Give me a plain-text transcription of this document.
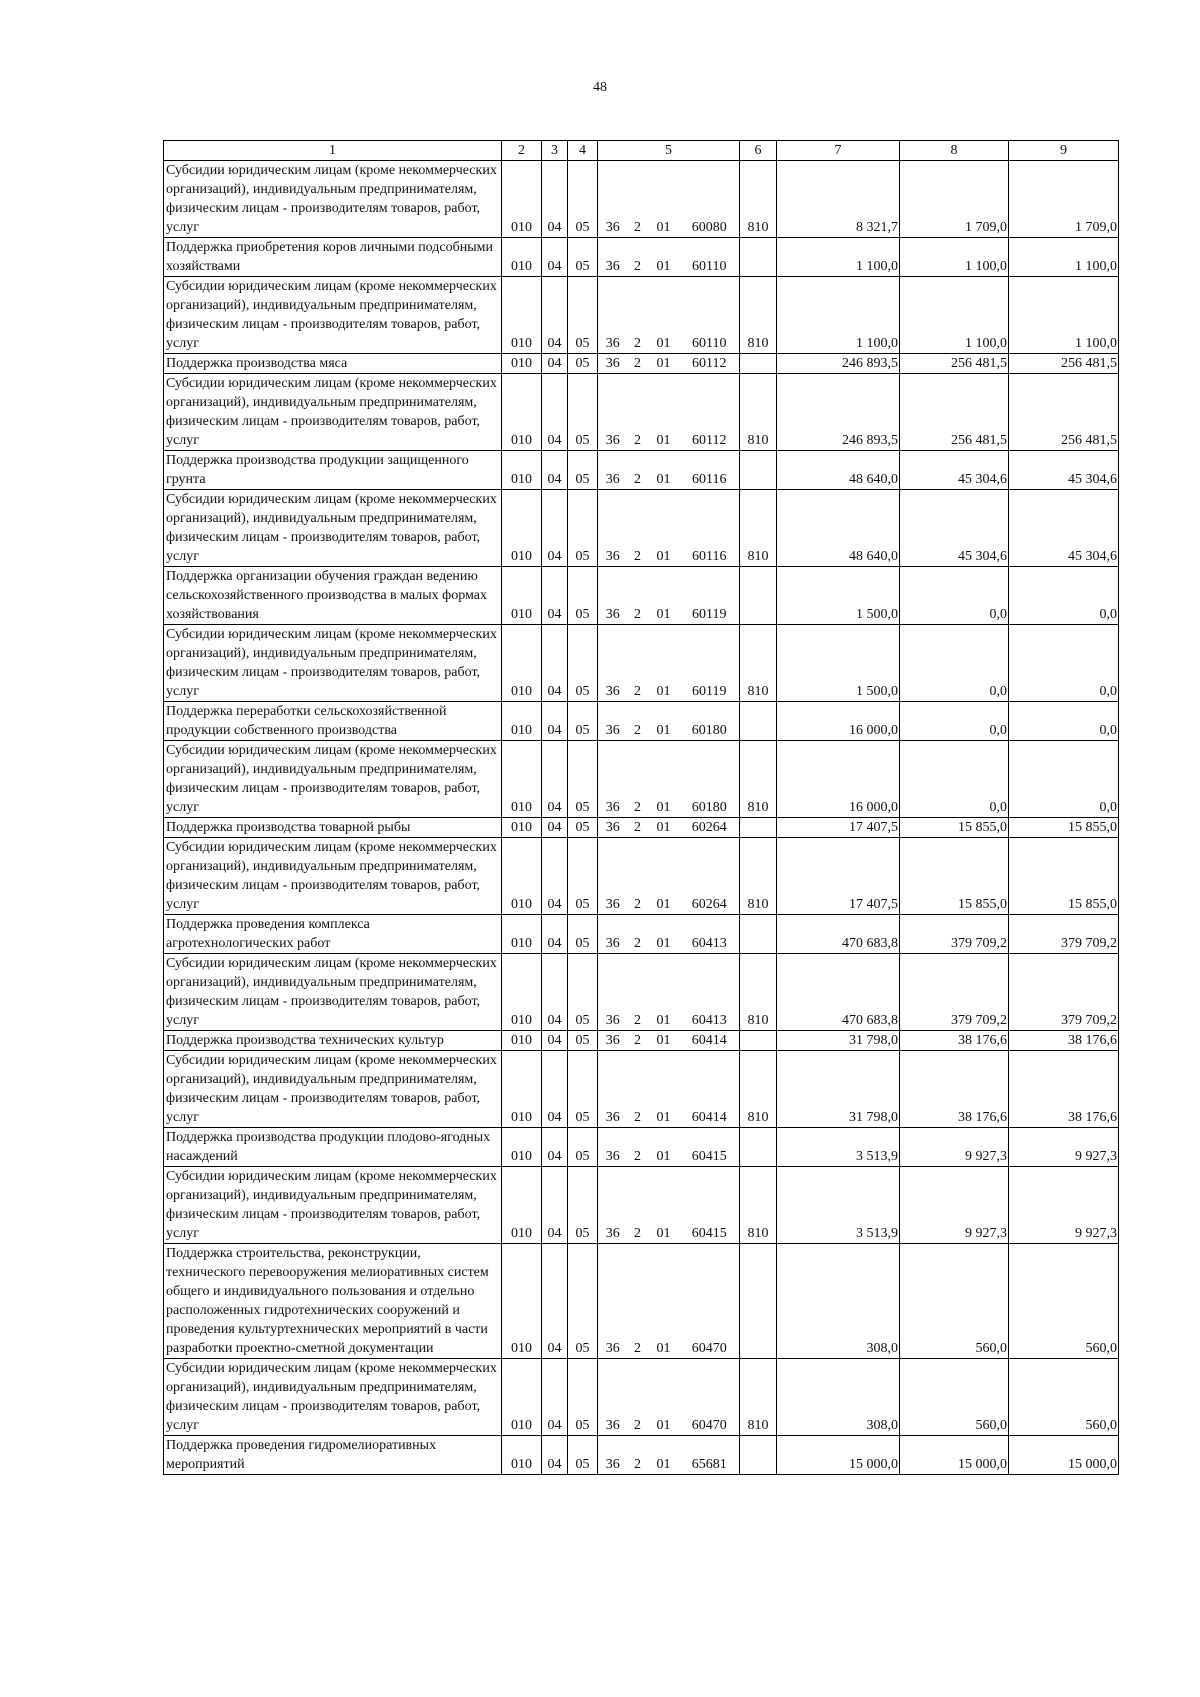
48
1	2	3	4	5				6	7	8	9
Субсидии юридическим лицам (кроме некоммерческих организаций), индивидуальным предпринимателям, физическим лицам - производителям товаров, работ, услуг	010	04	05	36	2	01	60080	810	8 321,7	1 709,0	1 709,0
Поддержка приобретения коров личными подсобными хозяйствами	010	04	05	36	2	01	60110		1 100,0	1 100,0	1 100,0
Субсидии юридическим лицам (кроме некоммерческих организаций), индивидуальным предпринимателям, физическим лицам - производителям товаров, работ, услуг	010	04	05	36	2	01	60110	810	1 100,0	1 100,0	1 100,0
Поддержка производства мяса	010	04	05	36	2	01	60112		246 893,5	256 481,5	256 481,5
Субсидии юридическим лицам (кроме некоммерческих организаций), индивидуальным предпринимателям, физическим лицам - производителям товаров, работ, услуг	010	04	05	36	2	01	60112	810	246 893,5	256 481,5	256 481,5
Поддержка производства продукции защищенного грунта	010	04	05	36	2	01	60116		48 640,0	45 304,6	45 304,6
Субсидии юридическим лицам (кроме некоммерческих организаций), индивидуальным предпринимателям, физическим лицам - производителям товаров, работ, услуг	010	04	05	36	2	01	60116	810	48 640,0	45 304,6	45 304,6
Поддержка организации обучения граждан ведению сельскохозяйственного производства в малых формах хозяйствования	010	04	05	36	2	01	60119		1 500,0	0,0	0,0
Субсидии юридическим лицам (кроме некоммерческих организаций), индивидуальным предпринимателям, физическим лицам - производителям товаров, работ, услуг	010	04	05	36	2	01	60119	810	1 500,0	0,0	0,0
Поддержка переработки сельскохозяйственной продукции собственного производства	010	04	05	36	2	01	60180		16 000,0	0,0	0,0
Субсидии юридическим лицам (кроме некоммерческих организаций), индивидуальным предпринимателям, физическим лицам - производителям товаров, работ, услуг	010	04	05	36	2	01	60180	810	16 000,0	0,0	0,0
Поддержка производства товарной рыбы	010	04	05	36	2	01	60264		17 407,5	15 855,0	15 855,0
Субсидии юридическим лицам (кроме некоммерческих организаций), индивидуальным предпринимателям, физическим лицам - производителям товаров, работ, услуг	010	04	05	36	2	01	60264	810	17 407,5	15 855,0	15 855,0
Поддержка проведения комплекса агротехнологических работ	010	04	05	36	2	01	60413		470 683,8	379 709,2	379 709,2
Субсидии юридическим лицам (кроме некоммерческих организаций), индивидуальным предпринимателям, физическим лицам - производителям товаров, работ, услуг	010	04	05	36	2	01	60413	810	470 683,8	379 709,2	379 709,2
Поддержка производства технических культур	010	04	05	36	2	01	60414		31 798,0	38 176,6	38 176,6
Субсидии юридическим лицам (кроме некоммерческих организаций), индивидуальным предпринимателям, физическим лицам - производителям товаров, работ, услуг	010	04	05	36	2	01	60414	810	31 798,0	38 176,6	38 176,6
Поддержка производства продукции плодово-ягодных насаждений	010	04	05	36	2	01	60415		3 513,9	9 927,3	9 927,3
Субсидии юридическим лицам (кроме некоммерческих организаций), индивидуальным предпринимателям, физическим лицам - производителям товаров, работ, услуг	010	04	05	36	2	01	60415	810	3 513,9	9 927,3	9 927,3
Поддержка строительства, реконструкции, технического перевооружения мелиоративных систем общего и индивидуального пользования и отдельно расположенных гидротехнических сооружений и проведения культуртехнических мероприятий в части разработки проектно-сметной документации	010	04	05	36	2	01	60470		308,0	560,0	560,0
Субсидии юридическим лицам (кроме некоммерческих организаций), индивидуальным предпринимателям, физическим лицам - производителям товаров, работ, услуг	010	04	05	36	2	01	60470	810	308,0	560,0	560,0
Поддержка проведения гидромелиоративных мероприятий	010	04	05	36	2	01	65681		15 000,0	15 000,0	15 000,0
